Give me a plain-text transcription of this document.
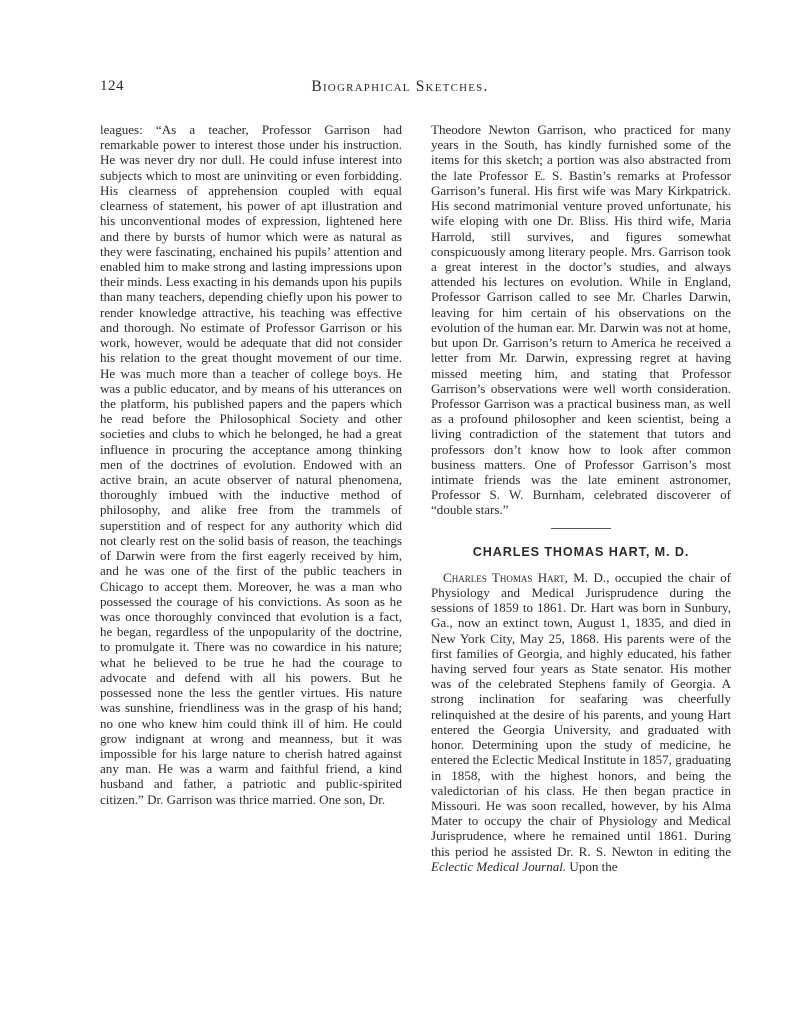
124	Biographical Sketches.

leagues: “As a teacher, Professor Garrison had remarkable power to interest those under his instruction. He was never dry nor dull. He could infuse interest into subjects which to most are uninviting or even forbidding. His clearness of apprehension coupled with equal clearness of statement, his power of apt illustration and his unconventional modes of expression, lightened here and there by bursts of humor which were as natural as they were fascinating, enchained his pupils’ attention and enabled him to make strong and lasting impressions upon their minds. Less exacting in his demands upon his pupils than many teachers, depending chiefly upon his power to render knowledge attractive, his teaching was effective and thorough. No estimate of Professor Garrison or his work, however, would be adequate that did not consider his relation to the great thought movement of our time. He was much more than a teacher of college boys. He was a public educator, and by means of his utterances on the platform, his published papers and the papers which he read before the Philosophical Society and other societies and clubs to which he belonged, he had a great influence in procuring the acceptance among thinking men of the doctrines of evolution. Endowed with an active brain, an acute observer of natural phenomena, thoroughly imbued with the inductive method of philosophy, and alike free from the trammels of superstition and of respect for any authority which did not clearly rest on the solid basis of reason, the teachings of Darwin were from the first eagerly received by him, and he was one of the first of the public teachers in Chicago to accept them. Moreover, he was a man who possessed the courage of his convictions. As soon as he was once thoroughly convinced that evolution is a fact, he began, regardless of the unpopularity of the doctrine, to promulgate it. There was no cowardice in his nature; what he believed to be true he had the courage to advocate and defend with all his powers. But he possessed none the less the gentler virtues. His nature was sunshine, friendliness was in the grasp of his hand; no one who knew him could think ill of him. He could grow indignant at wrong and meanness, but it was impossible for his large nature to cherish hatred against any man. He was a warm and faithful friend, a kind husband and father, a patriotic and public-spirited citizen.” Dr. Garrison was thrice married. One son, Dr.

Theodore Newton Garrison, who practiced for many years in the South, has kindly furnished some of the items for this sketch; a portion was also abstracted from the late Professor E. S. Bastin’s remarks at Professor Garrison’s funeral. His first wife was Mary Kirkpatrick. His second matrimonial venture proved unfortunate, his wife eloping with one Dr. Bliss. His third wife, Maria Harrold, still survives, and figures somewhat conspicuously among literary people. Mrs. Garrison took a great interest in the doctor’s studies, and always attended his lectures on evolution. While in England, Professor Garrison called to see Mr. Charles Darwin, leaving for him certain of his observations on the evolution of the human ear. Mr. Darwin was not at home, but upon Dr. Garrison’s return to America he received a letter from Mr. Darwin, expressing regret at having missed meeting him, and stating that Professor Garrison’s observations were well worth consideration. Professor Garrison was a practical business man, as well as a profound philosopher and keen scientist, being a living contradiction of the statement that tutors and professors don’t know how to look after common business matters. One of Professor Garrison’s most intimate friends was the late eminent astronomer, Professor S. W. Burnham, celebrated discoverer of “double stars.”

CHARLES THOMAS HART, M. D.

Charles Thomas Hart, M. D., occupied the chair of Physiology and Medical Jurisprudence during the sessions of 1859 to 1861. Dr. Hart was born in Sunbury, Ga., now an extinct town, August 1, 1835, and died in New York City, May 25, 1868. His parents were of the first families of Georgia, and highly educated, his father having served four years as State senator. His mother was of the celebrated Stephens family of Georgia. A strong inclination for seafaring was cheerfully relinquished at the desire of his parents, and young Hart entered the Georgia University, and graduated with honor. Determining upon the study of medicine, he entered the Eclectic Medical Institute in 1857, graduating in 1858, with the highest honors, and being the valedictorian of his class. He then began practice in Missouri. He was soon recalled, however, by his Alma Mater to occupy the chair of Physiology and Medical Jurisprudence, where he remained until 1861. During this period he assisted Dr. R. S. Newton in editing the Eclectic Medical Journal. Upon the
